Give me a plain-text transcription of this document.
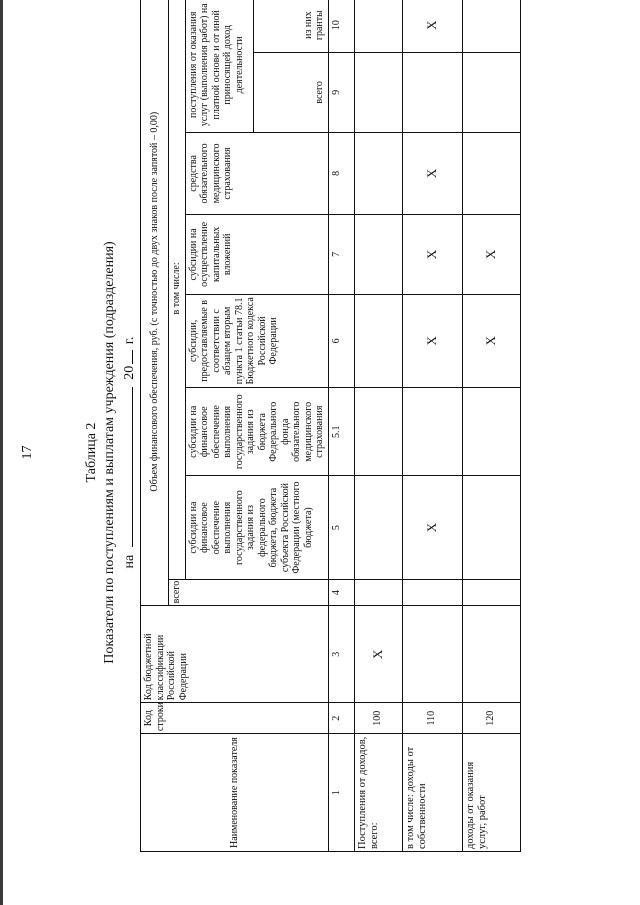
17	Таблица 2 Показатели по поступлениям и выплатам учреждения (подразделения) на  20 г.
Наименование показателя	Код строки	Код бюджетной классификации Российской Федерации	Объем финансового обеспечения, руб. (с точностью до двух знаков после запятой – 0,00)							
			всего	в том числе:						
				субсидии на финансовое обеспечение выполнения государственного задания из федерального бюджета, бюджета субъекта Российской Федерации (местного бюджета)	субсидии на финансовое обеспечение выполнения государственного задания из бюджета Федерального фонда обязательного медицинского страхования	субсидии, предоставляемые в соответствии с абзацем вторым пункта 1 статьи 78.1 Бюджетного кодекса Российской Федерации	субсидии на осуществление капитальных вложений	средства обязательного медицинского страхования	поступления от оказания услуг (выполнения работ) на платной основе и от иной приносящей доход деятельности	
									всего	из них гранты
1	2	3	4	5	5.1	6	7	8	9	10
Поступления от доходов, всего:	100	X								
в том числе: доходы от собственности	110			X		X	X	X		X
доходы от оказания услуг, работ	120					X	X			
